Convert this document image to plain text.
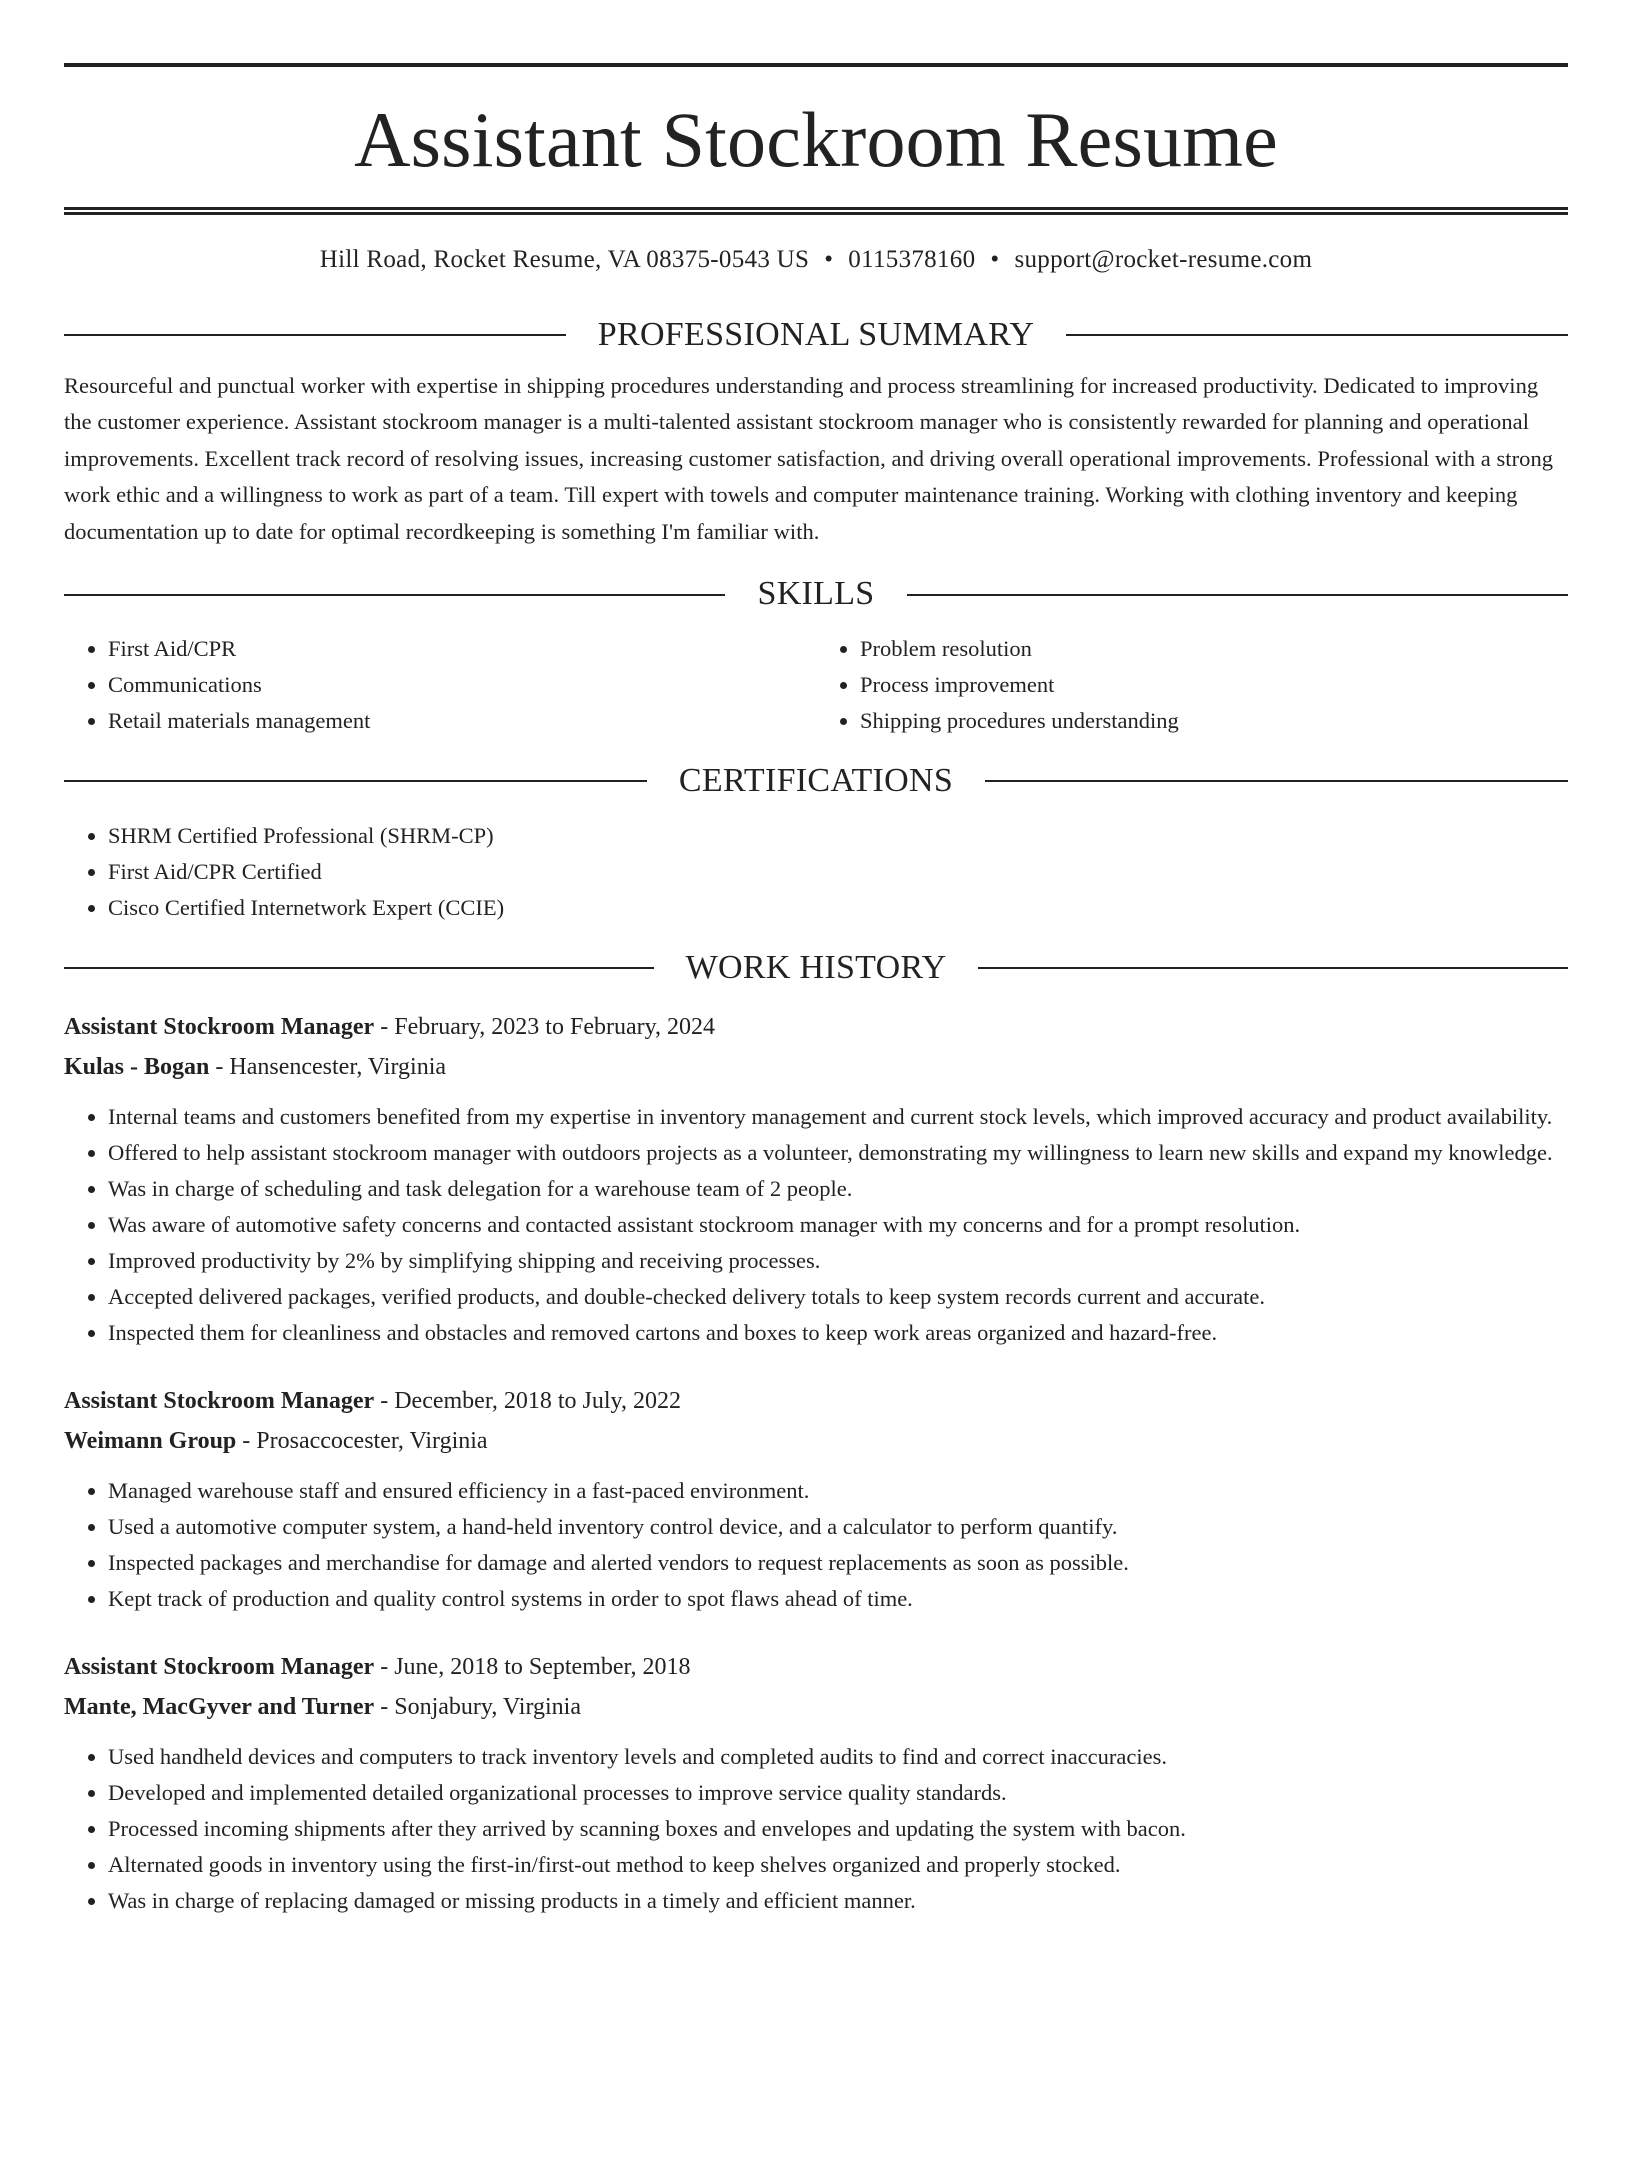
Assistant Stockroom Resume
Hill Road, Rocket Resume, VA 08375-0543 US • 0115378160 • support@rocket-resume.com
PROFESSIONAL SUMMARY
Resourceful and punctual worker with expertise in shipping procedures understanding and process streamlining for increased productivity. Dedicated to improving the customer experience. Assistant stockroom manager is a multi-talented assistant stockroom manager who is consistently rewarded for planning and operational improvements. Excellent track record of resolving issues, increasing customer satisfaction, and driving overall operational improvements. Professional with a strong work ethic and a willingness to work as part of a team. Till expert with towels and computer maintenance training. Working with clothing inventory and keeping documentation up to date for optimal recordkeeping is something I'm familiar with.
SKILLS
• First Aid/CPR
• Communications
• Retail materials management
• Problem resolution
• Process improvement
• Shipping procedures understanding
CERTIFICATIONS
• SHRM Certified Professional (SHRM-CP)
• First Aid/CPR Certified
• Cisco Certified Internetwork Expert (CCIE)
WORK HISTORY
Assistant Stockroom Manager - February, 2023 to February, 2024
Kulas - Bogan - Hansencester, Virginia
• Internal teams and customers benefited from my expertise in inventory management and current stock levels, which improved accuracy and product availability.
• Offered to help assistant stockroom manager with outdoors projects as a volunteer, demonstrating my willingness to learn new skills and expand my knowledge.
• Was in charge of scheduling and task delegation for a warehouse team of 2 people.
• Was aware of automotive safety concerns and contacted assistant stockroom manager with my concerns and for a prompt resolution.
• Improved productivity by 2% by simplifying shipping and receiving processes.
• Accepted delivered packages, verified products, and double-checked delivery totals to keep system records current and accurate.
• Inspected them for cleanliness and obstacles and removed cartons and boxes to keep work areas organized and hazard-free.
Assistant Stockroom Manager - December, 2018 to July, 2022
Weimann Group - Prosaccocester, Virginia
• Managed warehouse staff and ensured efficiency in a fast-paced environment.
• Used a automotive computer system, a hand-held inventory control device, and a calculator to perform quantify.
• Inspected packages and merchandise for damage and alerted vendors to request replacements as soon as possible.
• Kept track of production and quality control systems in order to spot flaws ahead of time.
Assistant Stockroom Manager - June, 2018 to September, 2018
Mante, MacGyver and Turner - Sonjabury, Virginia
• Used handheld devices and computers to track inventory levels and completed audits to find and correct inaccuracies.
• Developed and implemented detailed organizational processes to improve service quality standards.
• Processed incoming shipments after they arrived by scanning boxes and envelopes and updating the system with bacon.
• Alternated goods in inventory using the first-in/first-out method to keep shelves organized and properly stocked.
• Was in charge of replacing damaged or missing products in a timely and efficient manner.
